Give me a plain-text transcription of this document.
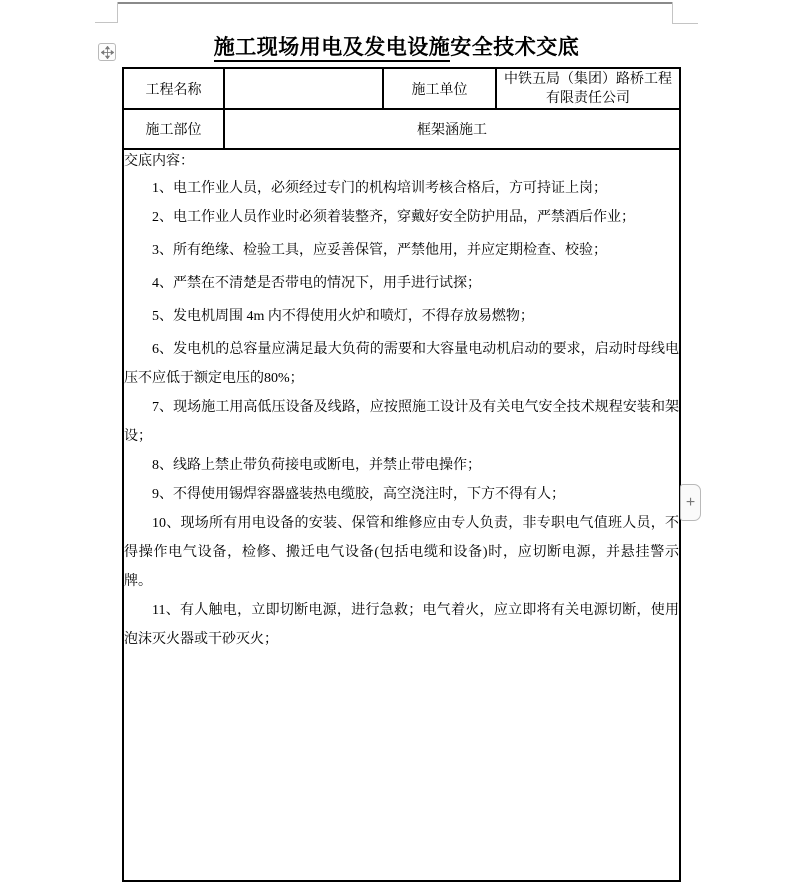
施工现场用电及发电设施安全技术交底
工程名称		施工单位	中铁五局（集团）路桥工程
有限责任公司

施工部位	框架涵施工		

交底内容：

1、电工作业人员，必须经过专门的机构培训考核合格后，方可持证上岗；

2、电工作业人员作业时必须着装整齐，穿戴好安全防护用品，严禁酒后作业；

3、所有绝缘、检验工具，应妥善保管，严禁他用，并应定期检查、校验；

4、严禁在不清楚是否带电的情况下，用手进行试探；

5、发电机周围 4m 内不得使用火炉和喷灯，不得存放易燃物；

6、发电机的总容量应满足最大负荷的需要和大容量电动机启动的要求，启动时母线电压不应低于额定电压的80%；

7、现场施工用高低压设备及线路，应按照施工设计及有关电气安全技术规程安装和架设；

8、线路上禁止带负荷接电或断电，并禁止带电操作；

9、不得使用锡焊容器盛装热电缆胶，高空浇注时，下方不得有人；

10、现场所有用电设备的安装、保管和维修应由专人负责，非专职电气值班人员，不得操作电气设备，检修、搬迁电气设备(包括电缆和设备)时，应切断电源，并悬挂警示牌。

11、有人触电，立即切断电源，进行急救；电气着火，应立即将有关电源切断，使用泡沫灭火器或干砂灭火；

+
